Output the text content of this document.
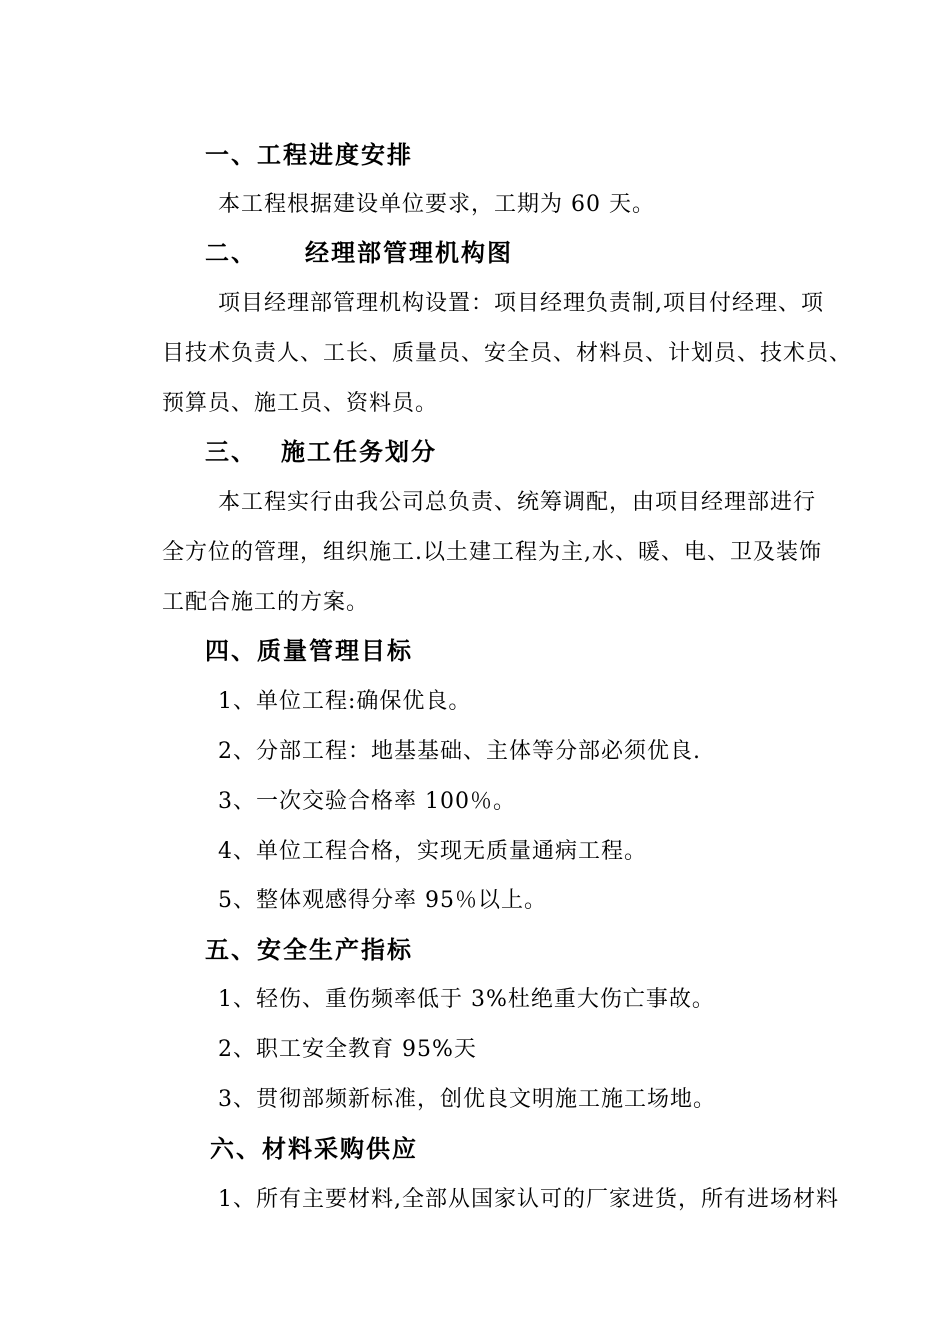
一、工程进度安排
本工程根据建设单位要求，工期为 60 天。
二、 经理部管理机构图
项目经理部管理机构设置：项目经理负责制,项目付经理、项
目技术负责人、工长、质量员、安全员、材料员、计划员、技术员、
预算员、施工员、资料员。
三、 施工任务划分
本工程实行由我公司总负责、统筹调配，由项目经理部进行
全方位的管理，组织施工.以土建工程为主,水、暖、电、卫及装饰
工配合施工的方案。
四、质量管理目标
1、单位工程:确保优良。
2、分部工程：地基基础、主体等分部必须优良.
3、一次交验合格率 100％。
4、单位工程合格，实现无质量通病工程。
5、整体观感得分率 95％以上。
五、安全生产指标
1、轻伤、重伤频率低于 3%杜绝重大伤亡事故。
2、职工安全教育 95%天
3、贯彻部频新标准，创优良文明施工施工场地。
六、材料采购供应
1、所有主要材料,全部从国家认可的厂家进货，所有进场材料
